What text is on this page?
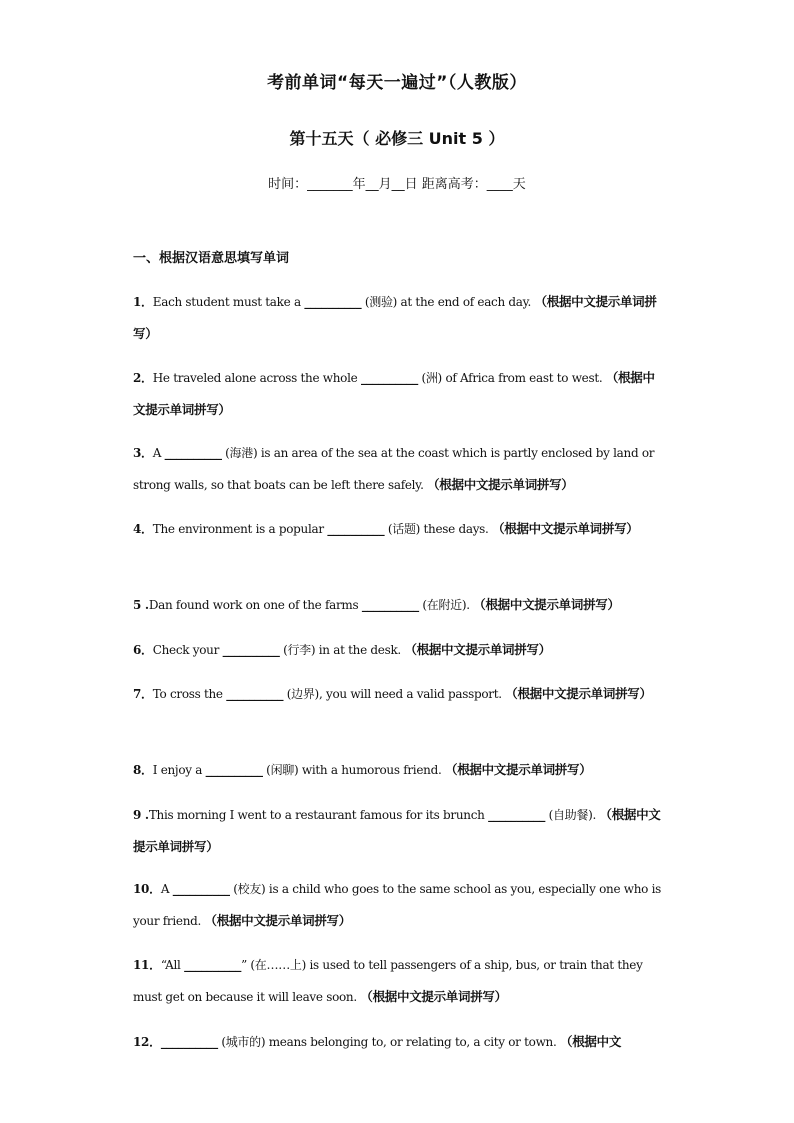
考前单词“每天一遍过”（人教版）
第十五天（ 必修三 Unit 5 ）
时间：_______年__月__日 距离高考：____天
一、根据汉语意思填写单词
1．Each student must take a __________ (测验) at the end of each day. （根据中文提示单词拼写）
2．He traveled alone across the whole __________ (洲) of Africa from east to west. （根据中文提示单词拼写）
3．A __________ (海港) is an area of the sea at the coast which is partly enclosed by land or strong walls, so that boats can be left there safely. （根据中文提示单词拼写）
4．The environment is a popular __________ (话题) these days. （根据中文提示单词拼写）
5 .Dan found work on one of the farms __________ (在附近). （根据中文提示单词拼写）
6．Check your __________ (行李) in at the desk. （根据中文提示单词拼写）
7．To cross the __________ (边界), you will need a valid passport. （根据中文提示单词拼写）
8．I enjoy a __________ (闲聊) with a humorous friend. （根据中文提示单词拼写）
9 .This morning I went to a restaurant famous for its brunch __________ (自助餐). （根据中文提示单词拼写）
10．A __________ (校友) is a child who goes to the same school as you, especially one who is your friend. （根据中文提示单词拼写）
11．“All __________” (在……上) is used to tell passengers of a ship, bus, or train that they must get on because it will leave soon. （根据中文提示单词拼写）
12．__________ (城市的) means belonging to, or relating to, a city or town. （根据中文
